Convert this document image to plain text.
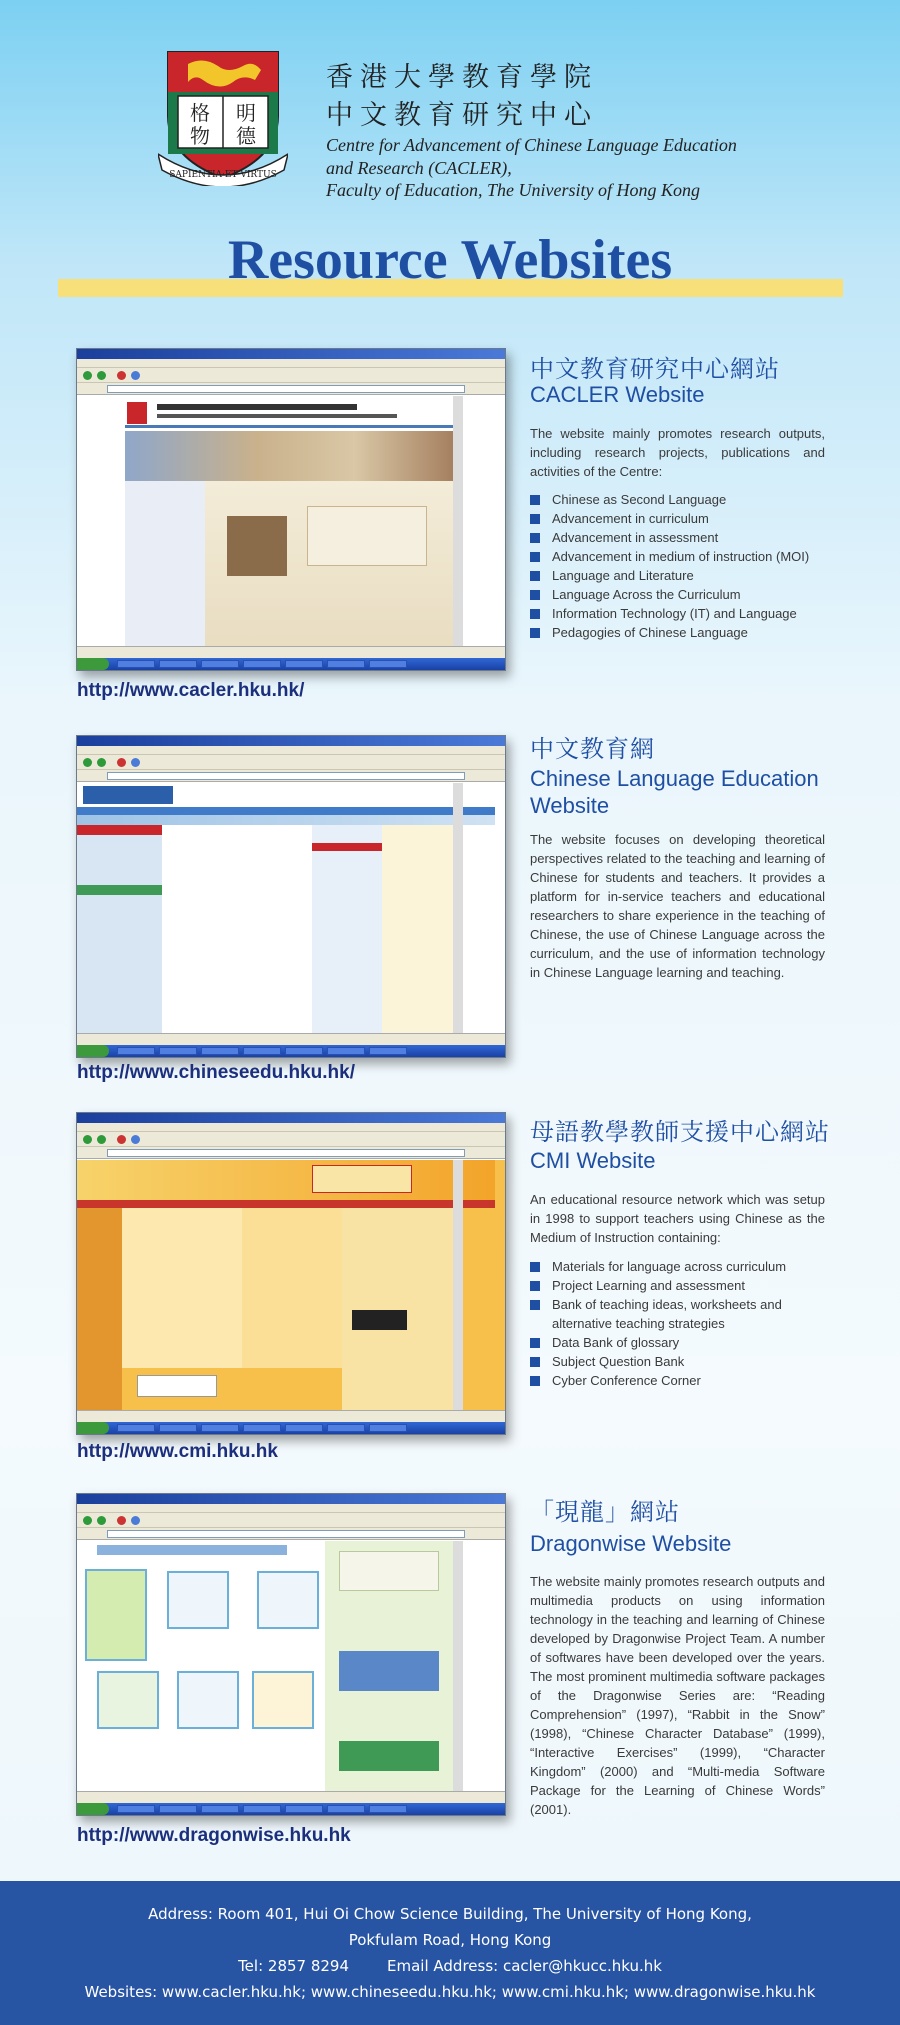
格 明
物 德
SAPIENTIA·ET·VIRTUS
香港大學教育學院
中文教育研究中心
Centre for Advancement of Chinese Language Education
and Research (CACLER),
Faculty of Education, The University of Hong Kong
Resource Websites
中文教育研究中心網站
CACLER Website
The website mainly promotes research outputs, including research projects, publications and activities of the Centre:
Chinese as Second Language
Advancement in curriculum
Advancement in assessment
Advancement in medium of instruction (MOI)
Language and Literature
Language Across the Curriculum
Information Technology (IT) and Language
Pedagogies of Chinese Language
http://www.cacler.hku.hk/
中文教育網
Chinese Language Education Website
The website focuses on developing theoretical perspectives related to the teaching and learning of Chinese for students and teachers. It provides a platform for in-service teachers and educational researchers to share experience in the teaching of Chinese, the use of Chinese Language across the curriculum, and the use of information technology in Chinese Language learning and teaching.
http://www.chineseedu.hku.hk/
母語教學教師支援中心網站
CMI Website
An educational resource network which was setup in 1998 to support teachers using Chinese as the Medium of Instruction containing:
Materials for language across curriculum
Project Learning and assessment
Bank of teaching ideas, worksheets and alternative teaching strategies
Data Bank of glossary
Subject Question Bank
Cyber Conference Corner
http://www.cmi.hku.hk
「現龍」網站
Dragonwise Website
The website mainly promotes research outputs and multimedia products on using information technology in the teaching and learning of Chinese developed by Dragonwise Project Team. A number of softwares have been developed over the years. The most prominent multimedia software packages of the Dragonwise Series are: “Reading Comprehension” (1997), “Rabbit in the Snow” (1998), “Chinese Character Database” (1999), “Interactive Exercises” (1999), “Character Kingdom” (2000) and “Multi-media Software Package for the Learning of Chinese Words” (2001).
http://www.dragonwise.hku.hk
Address: Room 401, Hui Oi Chow Science Building, The University of Hong Kong,
Pokfulam Road, Hong Kong
Tel: 2857 8294	Email Address: cacler@hkucc.hku.hk
Websites: www.cacler.hku.hk; www.chineseedu.hku.hk; www.cmi.hku.hk; www.dragonwise.hku.hk
